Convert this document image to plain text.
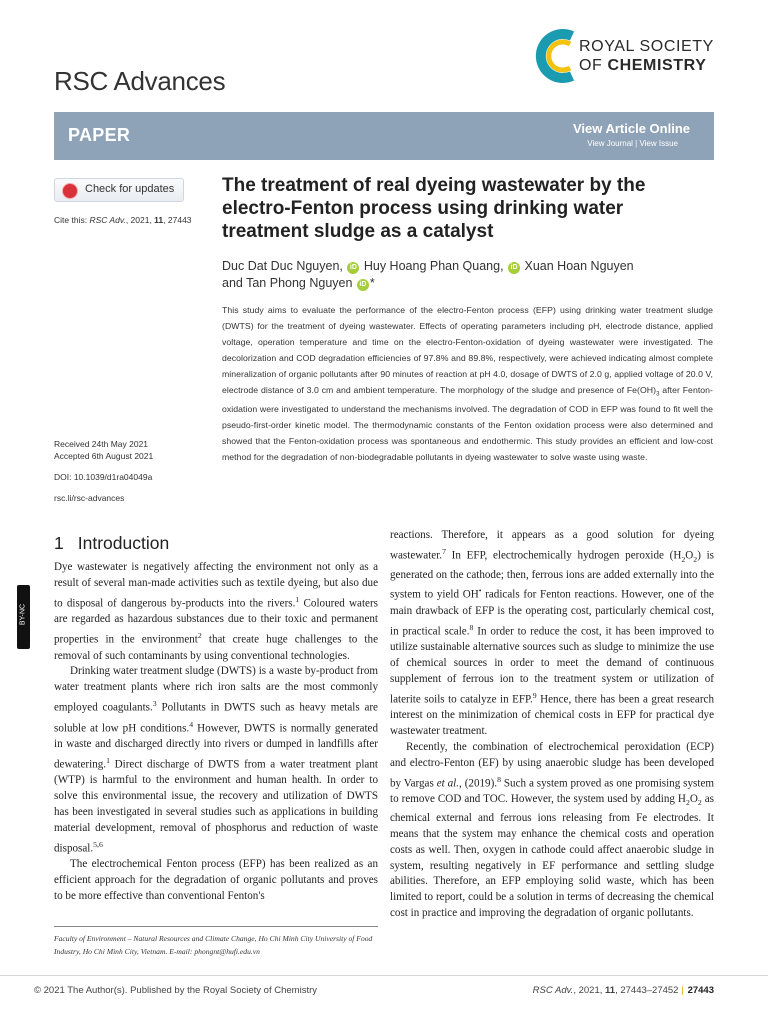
RSC Advances
ROYAL SOCIETY
OF CHEMISTRY
PAPER	View Article Online
View Journal | View Issue
Check for updates
Cite this: RSC Adv., 2021, 11, 27443
The treatment of real dyeing wastewater by the electro-Fenton process using drinking water treatment sludge as a catalyst
Duc Dat Duc Nguyen, iD Huy Hoang Phan Quang, iD Xuan Hoan Nguyen
and Tan Phong Nguyen iD *
This study aims to evaluate the performance of the electro-Fenton process (EFP) using drinking water treatment sludge (DWTS) for the treatment of dyeing wastewater. Effects of operating parameters including pH, electrode distance, applied voltage, operation temperature and time on the electro-Fenton-oxidation of dyeing wastewater were investigated. The decolorization and COD degradation efficiencies of 97.8% and 89.8%, respectively, were achieved indicating almost complete mineralization of organic pollutants after 90 minutes of reaction at pH 4.0, dosage of DWTS of 2.0 g, applied voltage of 20.0 V, electrode distance of 3.0 cm and ambient temperature. The morphology of the sludge and presence of $Fe(OH)_3$ after Fenton-oxidation were investigated to understand the mechanisms involved. The degradation of COD in EFP was found to fit well the pseudo-first-order kinetic model. The thermodynamic constants of the Fenton oxidation process were also determined and showed that the Fenton-oxidation process was spontaneous and endothermic. This study provides an efficient and low-cost method for the degradation of non-biodegradable pollutants in dyeing wastewater to solve waste using waste.
Received 24th May 2021
Accepted 6th August 2021
DOI: 10.1039/d1ra04049a
rsc.li/rsc-advances
1 Introduction
BY-NC

Dye wastewater is negatively affecting the environment not only as a result of several man-made activities such as textile dyeing, but also due to disposal of dangerous by-products into the rivers.$^1$ Coloured waters are regarded as hazardous substances due to their toxic and permanent properties in the environment$^2$ that create huge challenges to the removal of such contaminants by using conventional technologies.

Drinking water treatment sludge (DWTS) is a waste by-product from water treatment plants where rich iron salts are the most commonly employed coagulants.$^3$ Pollutants in DWTS such as heavy metals are soluble at low pH conditions.$^4$ However, DWTS is normally generated in waste and discharged directly into rivers or dumped in landfills after dewatering.$^1$ Direct discharge of DWTS from a water treatment plant (WTP) is harmful to the environment and human health. In order to solve this environmental issue, the recovery and utilization of DWTS has been investigated in several studies such as applications in building material development, removal of phosphorus and reduction of waste disposal.$^{5,6}$

The electrochemical Fenton process (EFP) has been realized as an efficient approach for the degradation of organic pollutants and proves to be more effective than conventional Fenton's

reactions. Therefore, it appears as a good solution for dyeing wastewater.$^7$ In EFP, electrochemically hydrogen peroxide $(H_2O_2)$ is generated on the cathode; then, ferrous ions are added externally into the system to yield OH• radicals for Fenton reactions. However, one of the main drawback of EFP is the operating cost, particularly chemical cost, in practical scale.$^8$ In order to reduce the cost, it has been improved to utilize sustainable alternative sources such as sludge to minimize the use of chemical sources in order to meet the demand of continuous supplement of ferrous ion to the treatment system or utilization of laterite soils to catalyze in EFP.$^9$ Hence, there has been a great research interest on the minimization of chemical costs in EFP for practical dye wastewater treatment.

Recently, the combination of electrochemical peroxidation (ECP) and electro-Fenton (EF) by using anaerobic sludge has been developed by Vargas et al., (2019).$^8$ Such a system proved as one promising system to remove COD and TOC. However, the system used by adding $H_2O_2$ as chemical external and ferrous ions releasing from Fe electrodes. It means that the system may enhance the chemical costs and operation costs as well. Then, oxygen in cathode could affect anaerobic sludge in system, resulting negatively in EF performance and settling sludge abilities. Therefore, an EFP employing solid waste, which has been limited to report, could be a solution in terms of decreasing the chemical cost in practice and improving the degradation of organic pollutants.

Faculty of Environment – Natural Resources and Climate Change, Ho Chi Minh City University of Food Industry, Ho Chi Minh City, Vietnam. E-mail: phongnt@hufi.edu.vn
© 2021 The Author(s). Published by the Royal Society of Chemistry	RSC Adv., 2021, 11, 27443–27452 | 27443
